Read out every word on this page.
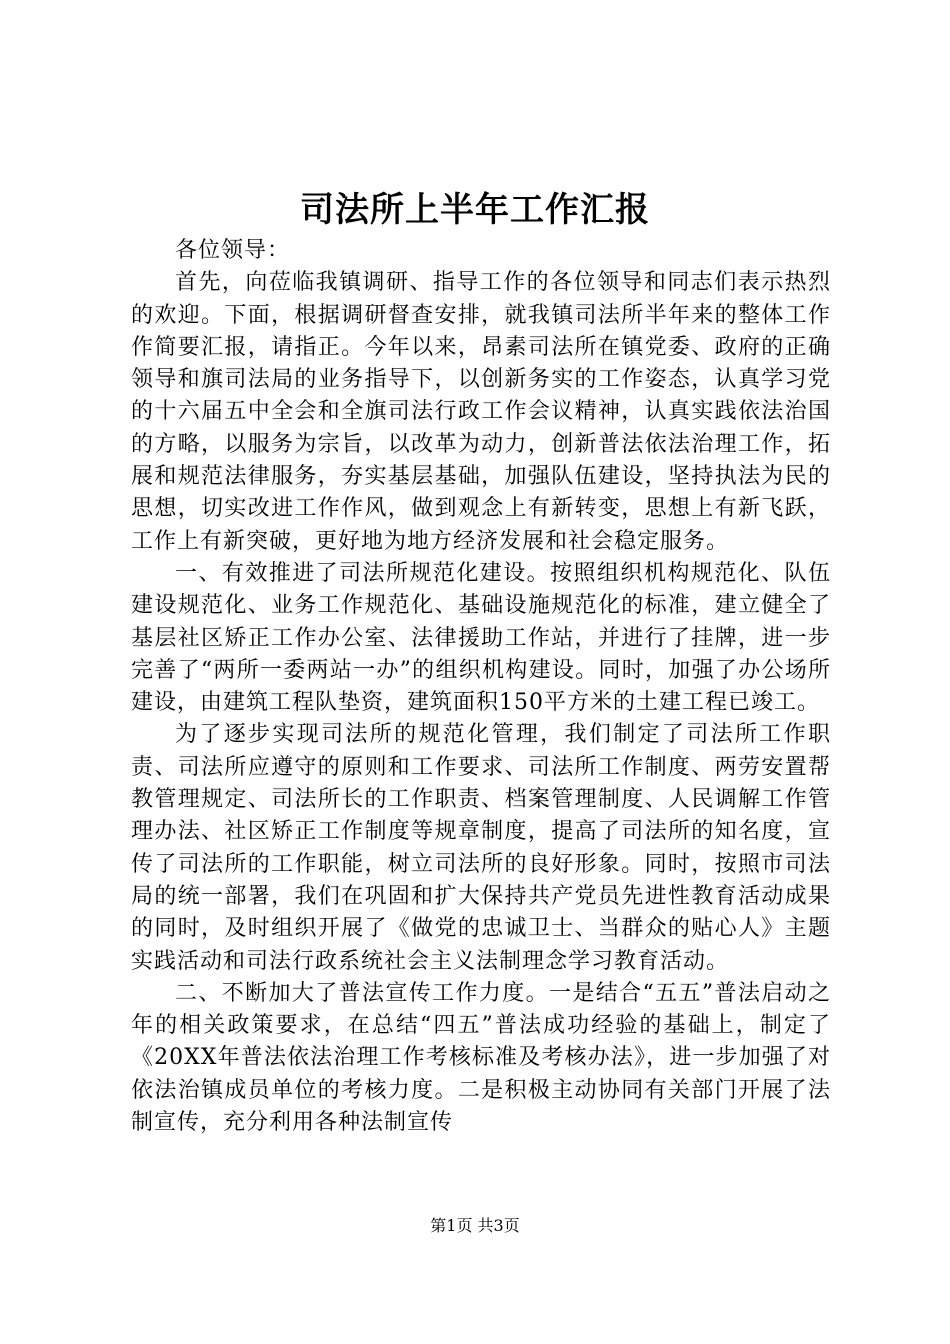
司法所上半年工作汇报

各位领导：

首先，向莅临我镇调研、指导工作的各位领导和同志们表示热烈的欢迎。下面，根据调研督查安排，就我镇司法所半年来的整体工作作简要汇报，请指正。今年以来，昂素司法所在镇党委、政府的正确领导和旗司法局的业务指导下，以创新务实的工作姿态，认真学习党的十六届五中全会和全旗司法行政工作会议精神，认真实践依法治国的方略，以服务为宗旨，以改革为动力，创新普法依法治理工作，拓展和规范法律服务，夯实基层基础，加强队伍建设，坚持执法为民的思想，切实改进工作作风，做到观念上有新转变，思想上有新飞跃，工作上有新突破，更好地为地方经济发展和社会稳定服务。

一、有效推进了司法所规范化建设。按照组织机构规范化、队伍建设规范化、业务工作规范化、基础设施规范化的标准，建立健全了基层社区矫正工作办公室、法律援助工作站，并进行了挂牌，进一步完善了“两所一委两站一办”的组织机构建设。同时，加强了办公场所建设，由建筑工程队垫资，建筑面积150平方米的土建工程已竣工。

为了逐步实现司法所的规范化管理，我们制定了司法所工作职责、司法所应遵守的原则和工作要求、司法所工作制度、两劳安置帮教管理规定、司法所长的工作职责、档案管理制度、人民调解工作管理办法、社区矫正工作制度等规章制度，提高了司法所的知名度，宣传了司法所的工作职能，树立司法所的良好形象。同时，按照市司法局的统一部署，我们在巩固和扩大保持共产党员先进性教育活动成果的同时，及时组织开展了《做党的忠诚卫士、当群众的贴心人》主题实践活动和司法行政系统社会主义法制理念学习教育活动。

二、不断加大了普法宣传工作力度。一是结合“五五”普法启动之年的相关政策要求，在总结“四五”普法成功经验的基础上，制定了《20XX年普法依法治理工作考核标准及考核办法》，进一步加强了对依法治镇成员单位的考核力度。二是积极主动协同有关部门开展了法制宣传，充分利用各种法制宣传

第1页 共3页
